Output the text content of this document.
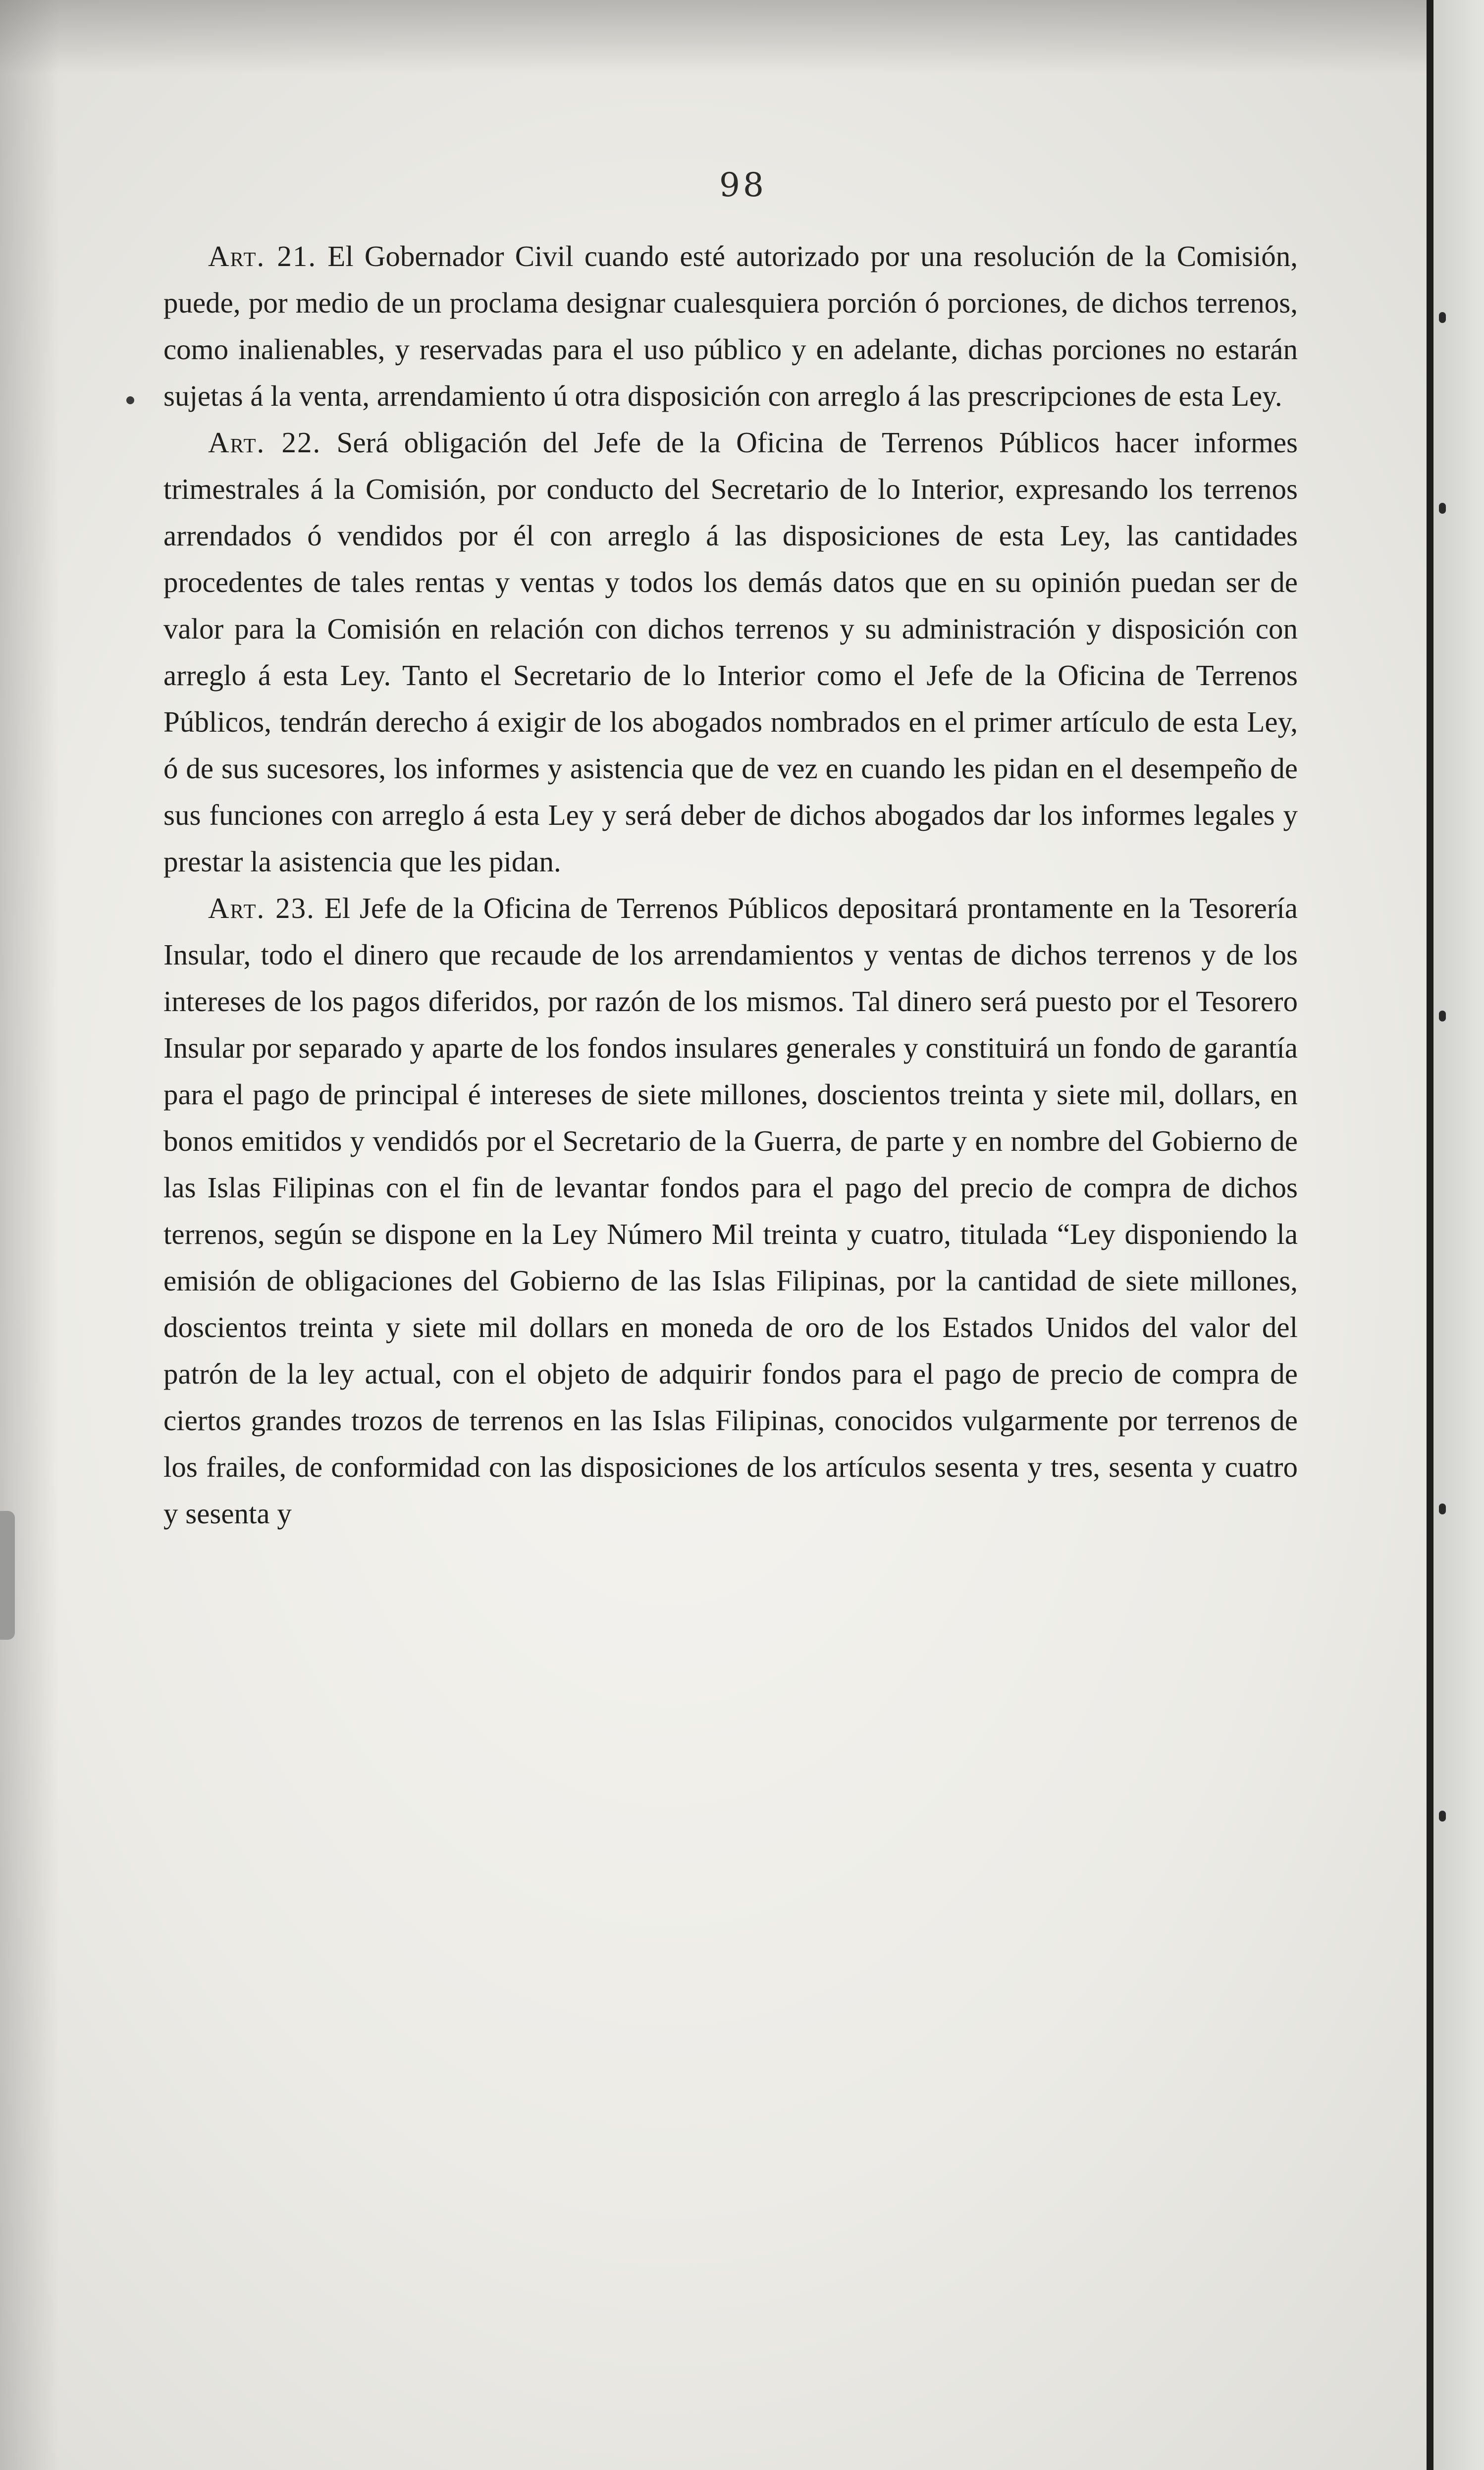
98

Art. 21. El Gobernador Civil cuando esté autorizado por una resolución de la Comisión, puede, por medio de un proclama designar cualesquiera porción ó porciones, de dichos terrenos, como inalienables, y reservadas para el uso público y en adelante, dichas porciones no estarán sujetas á la venta, arrendamiento ú otra disposición con arreglo á las prescripciones de esta Ley.

Art. 22. Será obligación del Jefe de la Oficina de Terrenos Públicos hacer informes trimestrales á la Comisión, por conducto del Secretario de lo Interior, expresando los terrenos arrendados ó vendidos por él con arreglo á las disposiciones de esta Ley, las cantidades procedentes de tales rentas y ventas y todos los demás datos que en su opinión puedan ser de valor para la Comisión en relación con dichos terrenos y su administración y disposición con arreglo á esta Ley. Tanto el Secretario de lo Interior como el Jefe de la Oficina de Terrenos Públicos, tendrán derecho á exigir de los abogados nombrados en el primer artículo de esta Ley, ó de sus sucesores, los informes y asistencia que de vez en cuando les pidan en el desempeño de sus funciones con arreglo á esta Ley y será deber de dichos abogados dar los informes legales y prestar la asistencia que les pidan.

Art. 23. El Jefe de la Oficina de Terrenos Públicos depositará prontamente en la Tesorería Insular, todo el dinero que recaude de los arrendamientos y ventas de dichos terrenos y de los intereses de los pagos diferidos, por razón de los mismos. Tal dinero será puesto por el Tesorero Insular por separado y aparte de los fondos insulares generales y constituirá un fondo de garantía para el pago de principal é intereses de siete millones, doscientos treinta y siete mil, dollars, en bonos emitidos y vendidós por el Secretario de la Guerra, de parte y en nombre del Gobierno de las Islas Filipinas con el fin de levantar fondos para el pago del precio de compra de dichos terrenos, según se dispone en la Ley Número Mil treinta y cuatro, titulada “Ley disponiendo la emisión de obligaciones del Gobierno de las Islas Filipinas, por la cantidad de siete millones, doscientos treinta y siete mil dollars en moneda de oro de los Estados Unidos del valor del patrón de la ley actual, con el objeto de adquirir fondos para el pago de precio de compra de ciertos grandes trozos de terrenos en las Islas Filipinas, conocidos vulgarmente por terrenos de los frailes, de conformidad con las disposiciones de los artículos sesenta y tres, sesenta y cuatro y sesenta y
